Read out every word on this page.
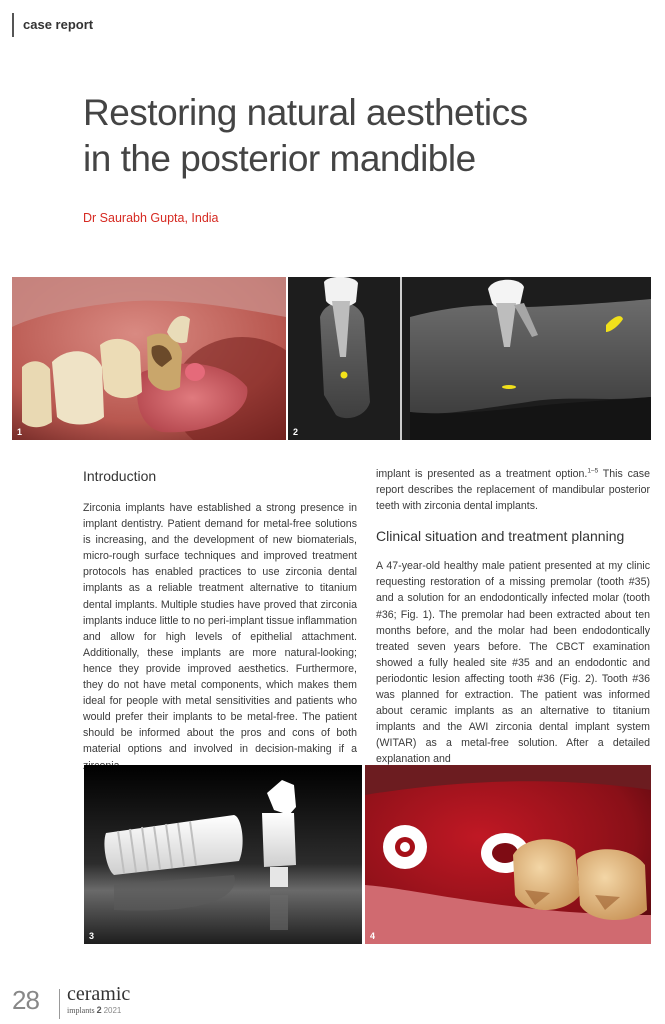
case report
Restoring natural aesthetics
in the posterior mandible
Dr Saurabh Gupta, India
1	2
Introduction

Zirconia implants have established a strong presence in implant dentistry. Patient demand for metal-free solutions is increasing, and the development of new biomaterials, micro-rough surface techniques and improved treatment protocols has enabled practices to use zirconia dental implants as a reliable treatment alternative to titanium dental implants. Multiple studies have proved that zirconia implants induce little to no peri-implant tissue inflammation and allow for high levels of epithelial attachment. Additionally, these implants are more natural-looking; hence they provide improved aesthetics. Furthermore, they do not have metal components, which makes them ideal for people with metal sensitivities and patients who would prefer their implants to be metal-free. The patient should be informed about the pros and cons of both material options and involved in decision-making if a

implant is presented as a treatment option.$^{1-5}$ This case report describes the replacement of mandibular posterior teeth with zirconia dental implants.

Clinical situation and treatment planning

A 47-year-old healthy male patient presented at my clinic requesting restoration of a missing premolar (tooth #35) and a solution for an endodontically infected molar (tooth #36; Fig. 1). The premolar had been extracted about ten months before, and the molar had been endodontically treated seven years before. The CBCT examination showed a fully healed site #35 and an endodontic and periodontic lesion affecting tooth #36 (Fig. 2). Tooth #36 was planned for extraction. The patient was informed about ceramic implants as an alternative to titanium implants and the AWI zirconia dental implant system (WITAR) as a metal-free solution. After a detailed explanation and

3	4
28 ceramic
implants 2 2021
